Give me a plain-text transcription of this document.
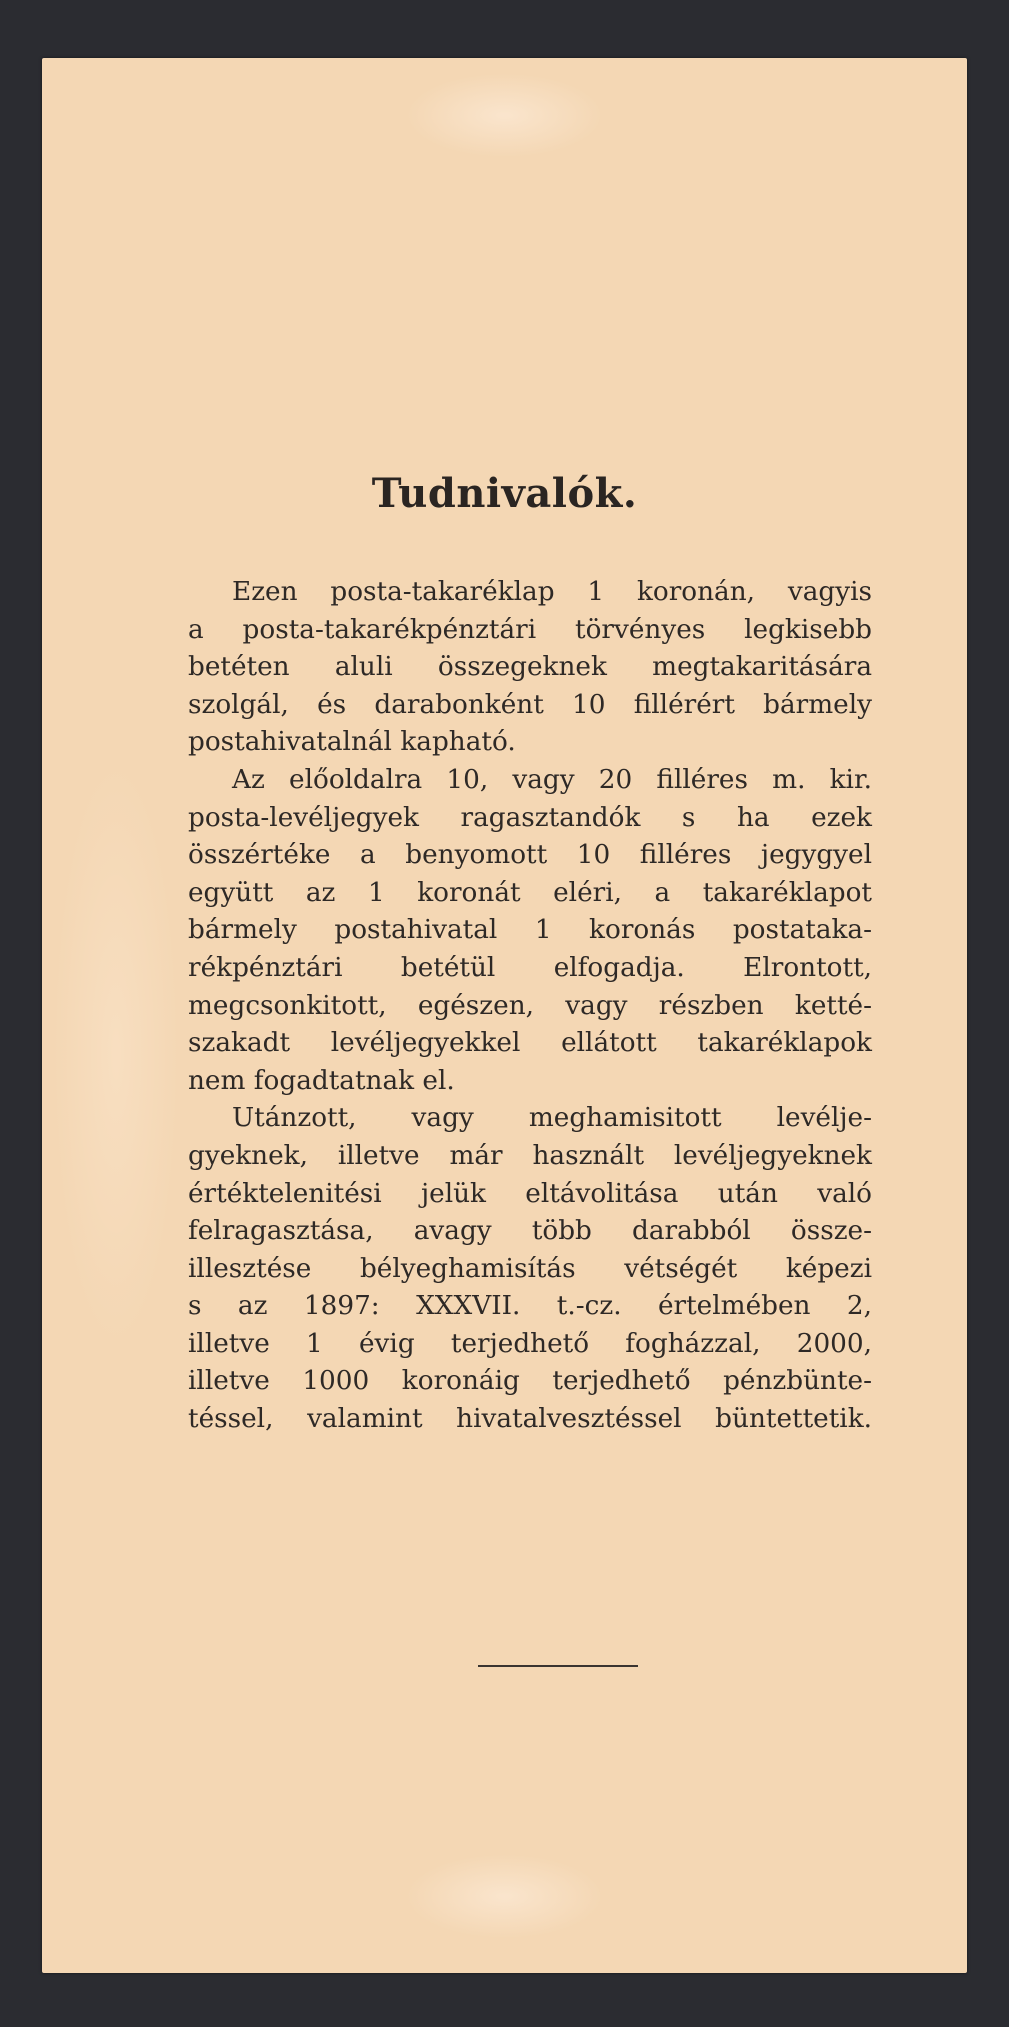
Tudnivalók.
Ezen posta-takaréklap 1 koronán, vagyis
a posta-takarékpénztári törvényes legkisebb
betéten aluli összegeknek megtakaritására
szolgál, és darabonként 10 fillérért bármely
postahivatalnál kapható.
Az előoldalra 10, vagy 20 filléres m. kir.
posta-levéljegyek ragasztandók s ha ezek
összértéke a benyomott 10 filléres jegygyel
együtt az 1 koronát eléri, a takaréklapot
bármely postahivatal 1 koronás postataka-
rékpénztári betétül elfogadja. Elrontott,
megcsonkitott, egészen, vagy részben ketté-
szakadt levéljegyekkel ellátott takaréklapok
nem fogadtatnak el.
Utánzott, vagy meghamisitott levélje-
gyeknek, illetve már használt levéljegyeknek
értéktelenitési jelük eltávolitása után való
felragasztása, avagy több darabból össze-
illesztése bélyeghamisítás vétségét képezi
s az 1897: XXXVII. t.-cz. értelmében 2,
illetve 1 évig terjedhető fogházzal, 2000,
illetve 1000 koronáig terjedhető pénzbünte-
téssel, valamint hivatalvesztéssel büntettetik.
